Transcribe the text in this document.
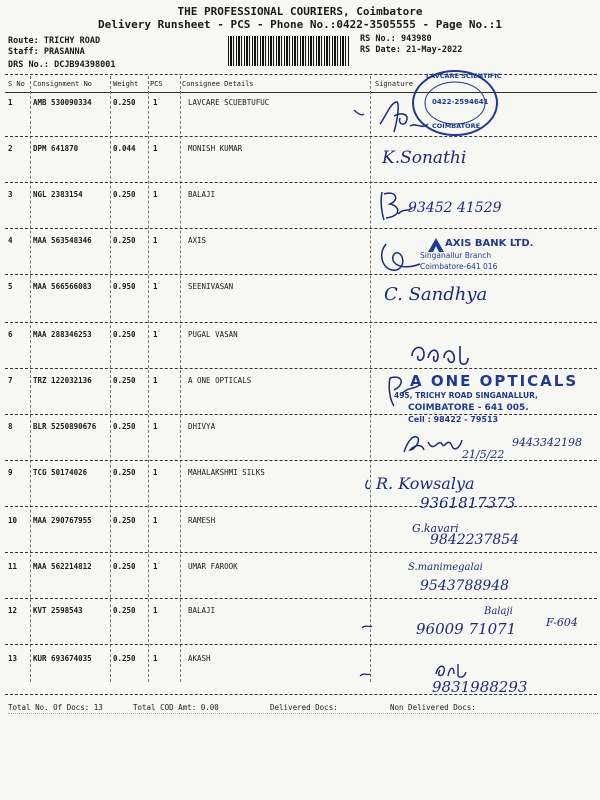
THE PROFESSIONAL COURIERS, Coimbatore
Delivery Runsheet - PCS - Phone No.:0422-3505555 - Page No.:1
Route: TRICHY ROAD
Staff: PRASANNA
DRS No.: DCJB94398001
RS No.: 943980
RS Date: 21-May-2022
S No Consignment No	Weight PCS	Consignee Details	Signature
1	AMB 530090334	0.250 1	LAVCARE SCUEBTUFUC
2	DPM 641870	0.044 1	MONISH KUMAR
3	NGL 2383154	0.250 1	BALAJI
4	MAA 563548346	0.250 1	AXIS
5	MAA 566566083	0.950 1	SEENIVASAN
6	MAA 288346253	0.250 1	PUGAL VASAN
7	TRZ 122032136	0.250 1	A ONE OPTICALS
8	BLR 5250890676 0.250 1	DHIVYA
9	TCG 50174026	0.250 1	MAHALAKSHMI SILKS
10 MAA 290767955	0.250 1	RAMESH
11 MAA 562214812	0.250 1	UMAR FAROOK
12 KVT 2598543	0.250 1	BALAJI
13 KUR 693674035	0.250 1	AKASH
Total No. Of Docs: 13	Total COD Amt: 0.00	Delivered Docs:	Non Delivered Docs:
LAVCARE SCIENTIFIC
0422-2594641
COIMBATORE
K.Sonathi
93452 41529
AXIS BANK LTD.
Singanallur Branch
Coimbatore-641 016
C. Sandhya
A ONE OPTICALS
495, TRICHY ROAD SINGANALLUR,
COIMBATORE - 641 005.
Cell : 98422 - 79513
21/5/22
9443342198
R. Kowsalya
9361817373
G.kavari
9842237854
S.manimegalai
9543788948
Balaji
96009 71071	F-604
9831988293
